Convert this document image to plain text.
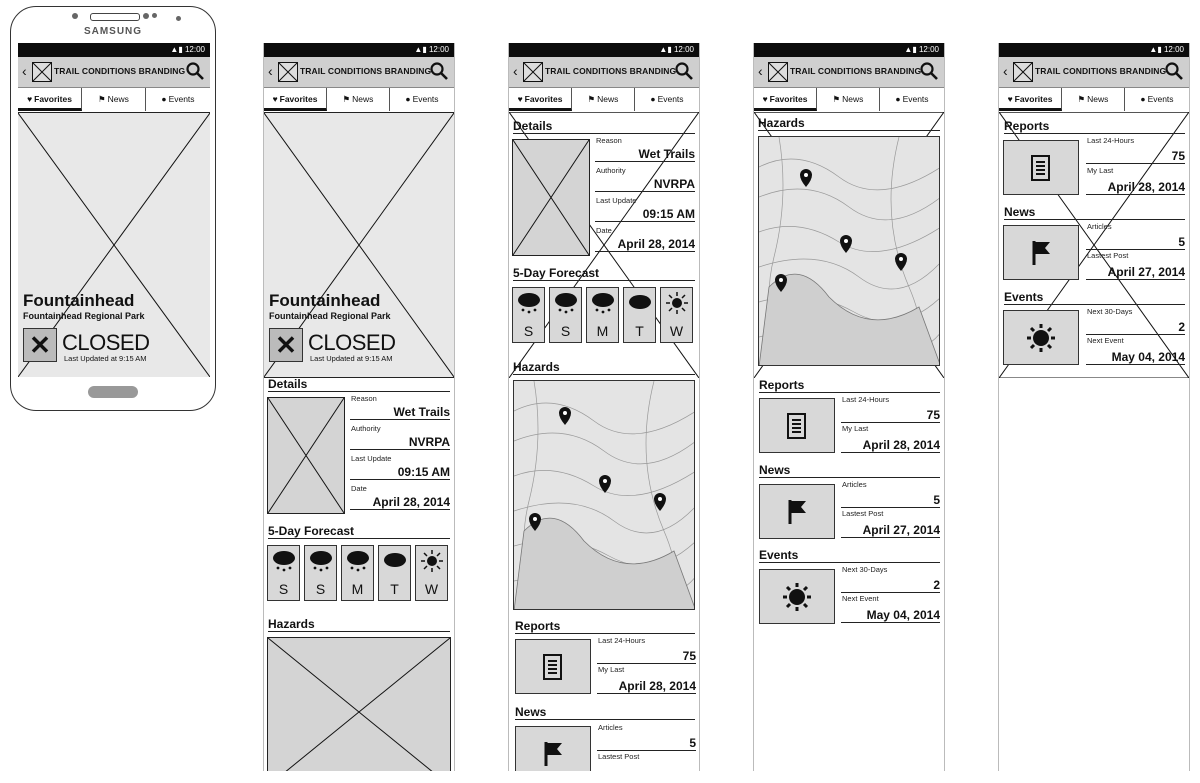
SAMSUNG
▲▮ 12:00
‹	TRAIL CONDITIONS BRANDING
♥ Favorites	⚑ News	● Events
Fountainhead
Fountainhead Regional Park
✕ CLOSED
Last Updated at 9:15 AM
▲▮ 12:00
‹	TRAIL CONDITIONS BRANDING
♥ Favorites	⚑ News	● Events
Fountainhead
Fountainhead Regional Park
✕ CLOSED
Last Updated at 9:15 AM
Details
Reason
Wet Trails
Authority
NVRPA
Last Update
09:15 AM
Date
April 28, 2014
5-Day Forecast
S	S	M	T	W
Hazards
▲▮ 12:00
‹	TRAIL CONDITIONS BRANDING
♥ Favorites	⚑ News	● Events
Details
Reason
Wet Trails
Authority
NVRPA
Last Update
09:15 AM
Date
April 28, 2014
5-Day Forecast
S	S	M	T	W
Hazards
Reports
Last 24-Hours
75
My Last
April 28, 2014
News
Articles
5
Lastest Post
▲▮ 12:00
‹	TRAIL CONDITIONS BRANDING
♥ Favorites	⚑ News	● Events
Hazards
Reports
Last 24-Hours
75
My Last
April 28, 2014
News
Articles
5
Lastest Post
April 27, 2014
Events
Next 30-Days
2
Next Event
May 04, 2014
▲▮ 12:00
‹	TRAIL CONDITIONS BRANDING
♥ Favorites	⚑ News	● Events
Reports
Last 24-Hours
75
My Last
April 28, 2014
News
Articles
5
Lastest Post
April 27, 2014
Events
Next 30-Days
2
Next Event
May 04, 2014
